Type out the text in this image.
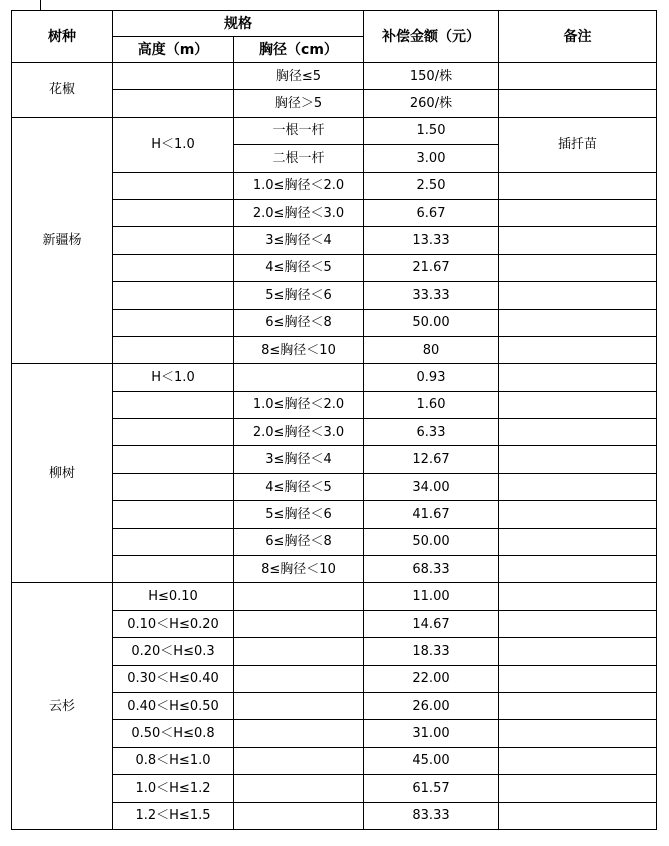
树种	规格		补偿金额（元）	备注
	高度（m）	胸径（cm）		
花椒		胸径≤5	150/株	
		胸径＞5	260/株	
新疆杨	H＜1.0	一根一杆	1.50	插扦苗
		二根一杆	3.00	
		1.0≤胸径＜2.0	2.50	
		2.0≤胸径＜3.0	6.67	
		3≤胸径＜4	13.33	
		4≤胸径＜5	21.67	
		5≤胸径＜6	33.33	
		6≤胸径＜8	50.00	
		8≤胸径＜10	80	
柳树	H＜1.0		0.93	
		1.0≤胸径＜2.0	1.60	
		2.0≤胸径＜3.0	6.33	
		3≤胸径＜4	12.67	
		4≤胸径＜5	34.00	
		5≤胸径＜6	41.67	
		6≤胸径＜8	50.00	
		8≤胸径＜10	68.33	
云杉	H≤0.10		11.00	
	0.10＜H≤0.20		14.67	
	0.20＜H≤0.3		18.33	
	0.30＜H≤0.40		22.00	
	0.40＜H≤0.50		26.00	
	0.50＜H≤0.8		31.00	
	0.8＜H≤1.0		45.00	
	1.0＜H≤1.2		61.57	
	1.2＜H≤1.5		83.33	
